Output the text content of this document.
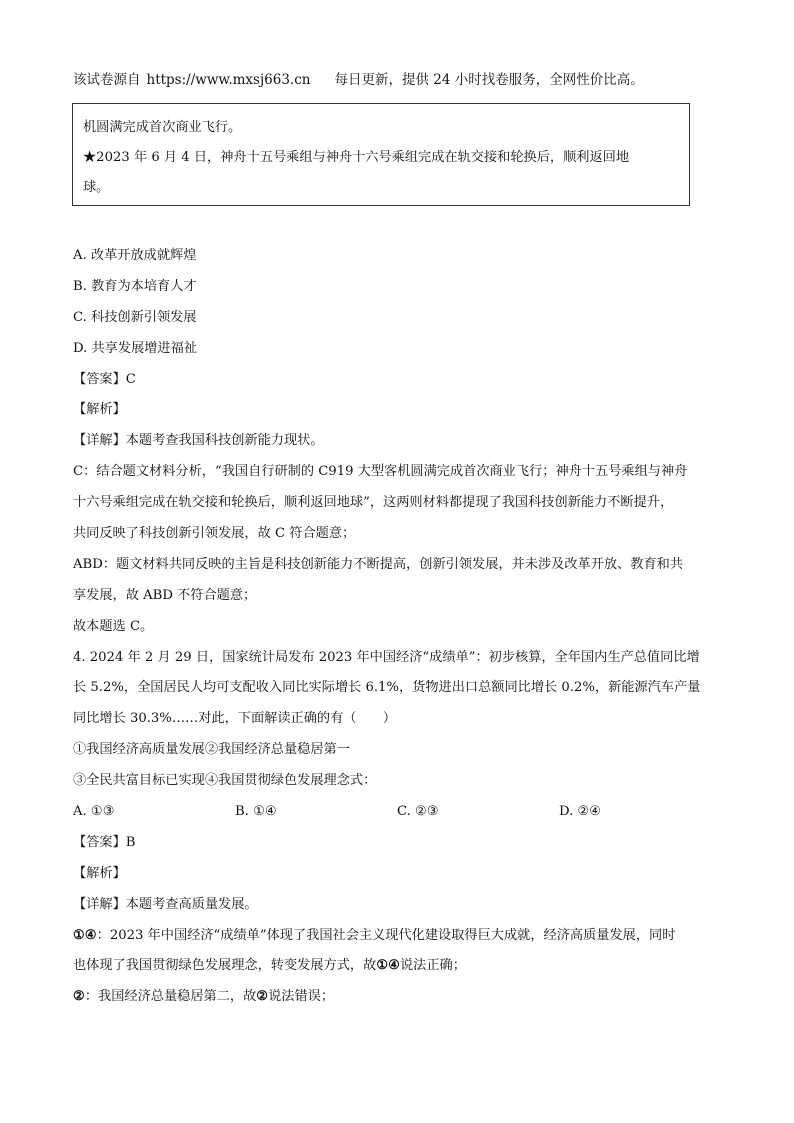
该试卷源自 https://www.mxsj663.cn 每日更新，提供 24 小时找卷服务，全网性价比高。
机圆满完成首次商业飞行。
★2023 年 6 月 4 日，神舟十五号乘组与神舟十六号乘组完成在轨交接和轮换后，顺利返回地
球。
A. 改革开放成就辉煌
B. 教育为本培育人才
C. 科技创新引领发展
D. 共享发展增进福祉
【 答案 】 C
【 解析 】
【 详解 】 本题考查我国科技创新能力现状。
C：结合题文材料分析，“我国自行研制的 C919 大型客机圆满完成首次商业飞行；神舟十五号乘组与神舟
十六号乘组完成在轨交接和轮换后，顺利返回地球”，这两则材料都提现了我国科技创新能力不断提升，
共同反映了科技创新引领发展，故 C 符合题意；
ABD：题文材料共同反映的主旨是科技创新能力不断提高，创新引领发展，并未涉及改革开放、教育和共
享发展，故 ABD 不符合题意；
故本题选 C。
4. 2024 年 2 月 29 日，国家统计局发布 2023 年中国经济“成绩单”：初步核算，全年国内生产总值同比增
长 5.2%，全国居民人均可支配收入同比实际增长 6.1%，货物进出口总额同比增长 0.2%，新能源汽车产量
同比增长 30.3%……对此，下面解读正确的有（　　）
①我国经济高质量发展②我国经济总量稳居第一
③全民共富目标已实现④我国贯彻绿色发展理念式：
A. ①③	B. ①④	C. ②③	D. ②④
【 答案 】 B
【 解析 】
【 详解 】 本题考查高质量发展。
①④：2023 年中国经济“成绩单”体现了我国社会主义现代化建设取得巨大成就，经济高质量发展，同时
也体现了我国贯彻绿色发展理念，转变发展方式，故①④说法正确；
②：我国经济总量稳居第二，故②说法错误；
